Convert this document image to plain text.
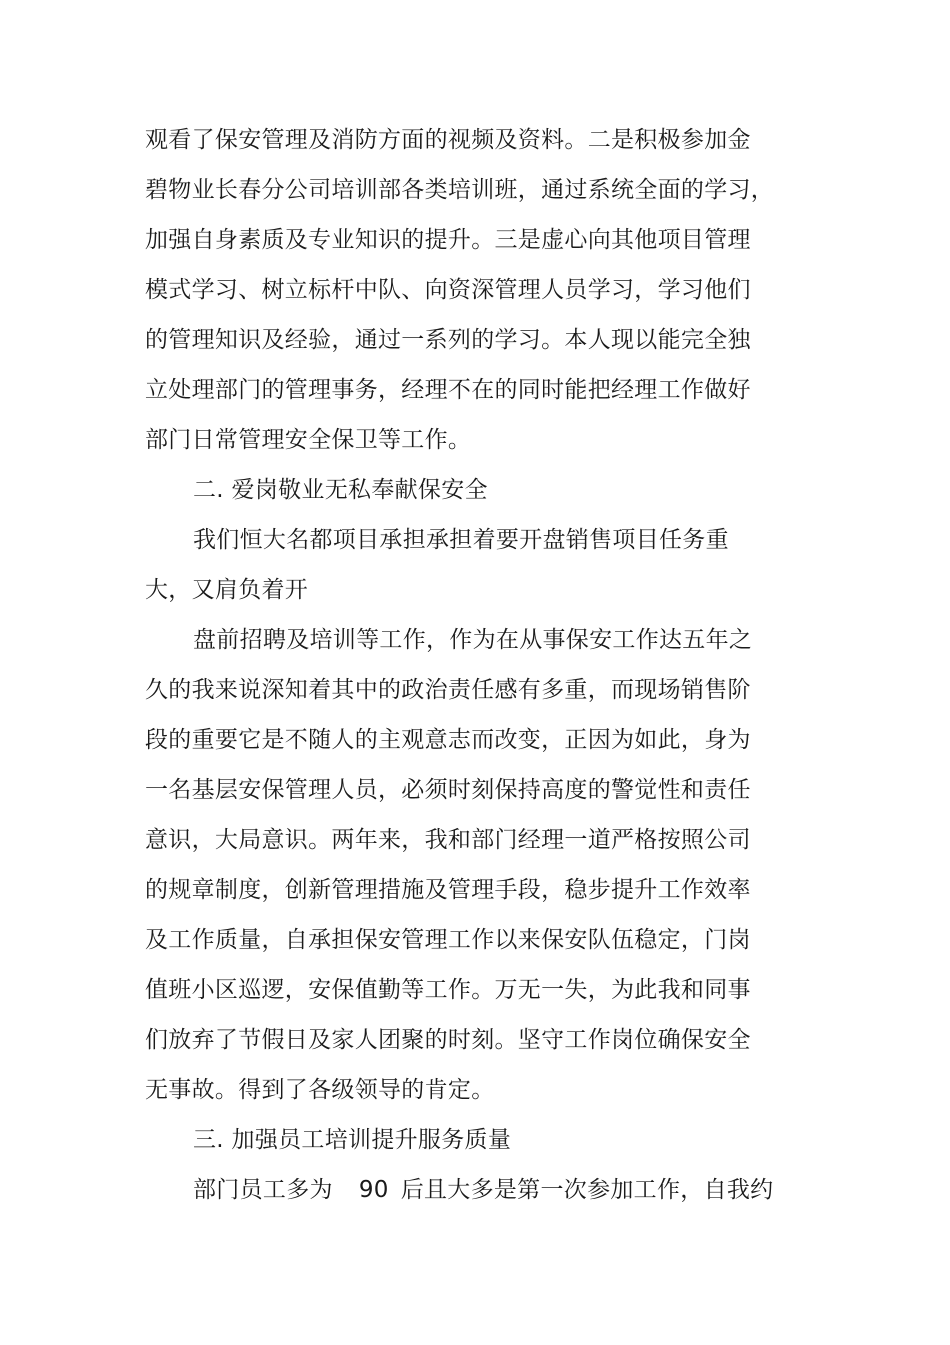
观看了保安管理及消防方面的视频及资料。二是积极参加金
碧物业长春分公司培训部各类培训班，通过系统全面的学习，
加强自身素质及专业知识的提升。三是虚心向其他项目管理
模式学习、树立标杆中队、向资深管理人员学习，学习他们
的管理知识及经验，通过一系列的学习。本人现以能完全独
立处理部门的管理事务，经理不在的同时能把经理工作做好
部门日常管理安全保卫等工作。
二. 爱岗敬业无私奉献保安全
我们恒大名都项目承担承担着要开盘销售项目任务重
大，又肩负着开
盘前招聘及培训等工作，作为在从事保安工作达五年之
久的我来说深知着其中的政治责任感有多重，而现场销售阶
段的重要它是不随人的主观意志而改变，正因为如此，身为
一名基层安保管理人员，必须时刻保持高度的警觉性和责任
意识，大局意识。两年来，我和部门经理一道严格按照公司
的规章制度，创新管理措施及管理手段，稳步提升工作效率
及工作质量，自承担保安管理工作以来保安队伍稳定，门岗
值班小区巡逻，安保值勤等工作。万无一失，为此我和同事
们放弃了节假日及家人团聚的时刻。坚守工作岗位确保安全
无事故。得到了各级领导的肯定。
三. 加强员工培训提升服务质量
部门员工多为 90 后且大多是第一次参加工作，自我约
